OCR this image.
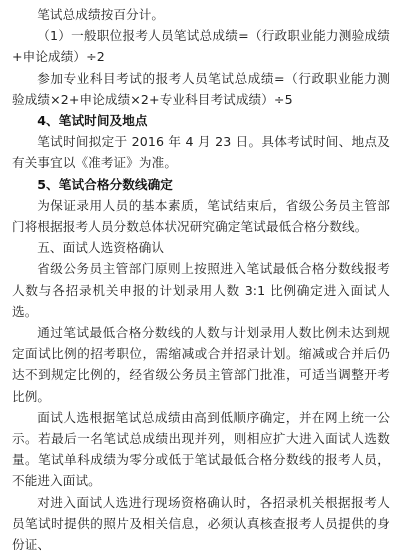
笔试总成绩按百分计。

（1）一般职位报考人员笔试总成绩=（行政职业能力测验成绩+申论成绩）÷2

参加专业科目考试的报考人员笔试总成绩=（行政职业能力测验成绩×2+申论成绩×2+专业科目考试成绩）÷5

4、笔试时间及地点

笔试时间拟定于 2016 年 4 月 23 日。具体考试时间、地点及有关事宜以《准考证》为准。

5、笔试合格分数线确定

为保证录用人员的基本素质，笔试结束后，省级公务员主管部门将根据报考人员分数总体状况研究确定笔试最低合格分数线。

五、面试人选资格确认

省级公务员主管部门原则上按照进入笔试最低合格分数线报考人数与各招录机关申报的计划录用人数 3:1 比例确定进入面试人选。

通过笔试最低合格分数线的人数与计划录用人数比例未达到规定面试比例的招考职位，需缩减或合并招录计划。缩减或合并后仍达不到规定比例的，经省级公务员主管部门批准，可适当调整开考比例。

面试人选根据笔试总成绩由高到低顺序确定，并在网上统一公示。若最后一名笔试总成绩出现并列，则相应扩大进入面试人选数量。笔试单科成绩为零分或低于笔试最低合格分数线的报考人员，不能进入面试。

对进入面试人选进行现场资格确认时，各招录机关根据报考人员笔试时提供的照片及相关信息，必须认真核查报考人员提供的身份证、
